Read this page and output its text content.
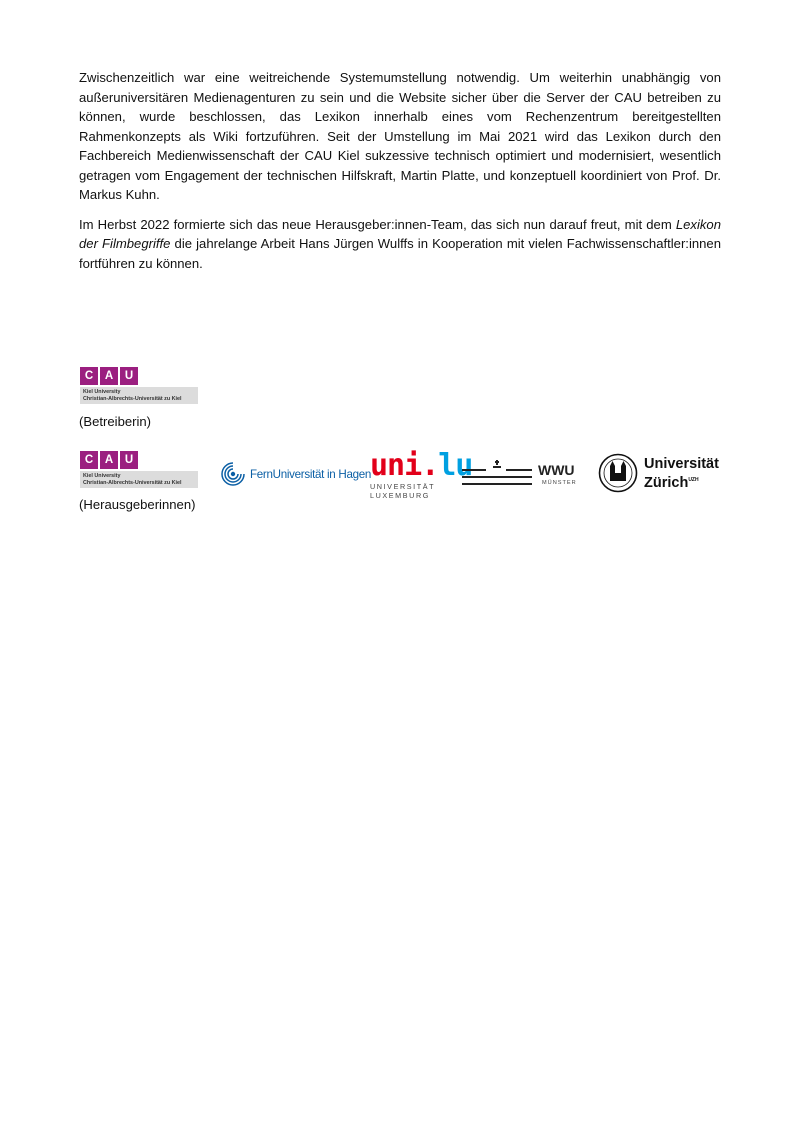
Zwischenzeitlich war eine weitreichende Systemumstellung notwendig. Um weiterhin unabhängig von außeruniversitären Medienagenturen zu sein und die Website sicher über die Server der CAU betreiben zu können, wurde beschlossen, das Lexikon innerhalb eines vom Rechenzentrum bereitgestellten Rahmenkonzepts als Wiki fortzuführen. Seit der Umstellung im Mai 2021 wird das Lexikon durch den Fachbereich Medienwissenschaft der CAU Kiel sukzessive technisch optimiert und modernisiert, wesentlich getragen vom Engagement der technischen Hilfskraft, Martin Platte, und konzeptuell koordiniert von Prof. Dr. Markus Kuhn.

Im Herbst 2022 formierte sich das neue Herausgeber:innen-Team, das sich nun darauf freut, mit dem Lexikon der Filmbegriffe die jahrelange Arbeit Hans Jürgen Wulffs in Kooperation mit vielen Fachwissenschaftler:innen fortführen zu können.

C	A	U
Kiel University
Christian-Albrechts-Universität zu Kiel
(Betreiberin)
C	A	U
Kiel University
Christian-Albrechts-Universität zu Kiel
(Herausgeberinnen)
FernUniversität in Hagen
uni.lu
UNIVERSITÄT
LUXEMBURG
WWU
MÜNSTER
Universität
Zürich$^{UZH}$
